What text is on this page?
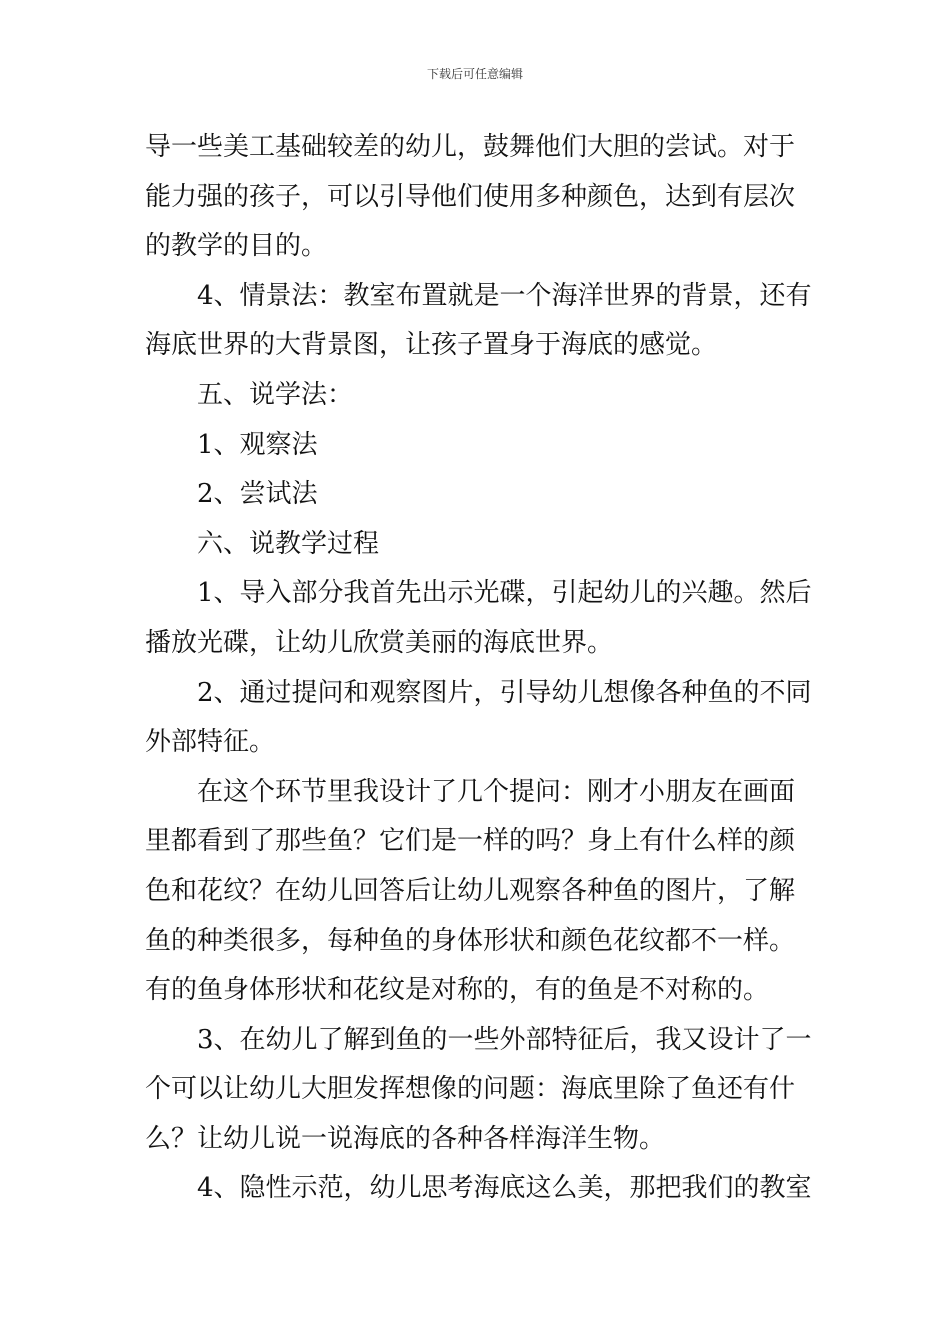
下载后可任意编辑
导一些美工基础较差的幼儿，鼓舞他们大胆的尝试。对于
能力强的孩子，可以引导他们使用多种颜色，达到有层次
的教学的目的。
4、情景法：教室布置就是一个海洋世界的背景，还有
海底世界的大背景图，让孩子置身于海底的感觉。
五、说学法：
1、观察法
2、尝试法
六、说教学过程
1、导入部分我首先出示光碟，引起幼儿的兴趣。然后
播放光碟，让幼儿欣赏美丽的海底世界。
2、通过提问和观察图片，引导幼儿想像各种鱼的不同
外部特征。
在这个环节里我设计了几个提问：刚才小朋友在画面
里都看到了那些鱼？它们是一样的吗？身上有什么样的颜
色和花纹？在幼儿回答后让幼儿观察各种鱼的图片，了解
鱼的种类很多，每种鱼的身体形状和颜色花纹都不一样。
有的鱼身体形状和花纹是对称的，有的鱼是不对称的。
3、在幼儿了解到鱼的一些外部特征后，我又设计了一
个可以让幼儿大胆发挥想像的问题：海底里除了鱼还有什
么？让幼儿说一说海底的各种各样海洋生物。
4、隐性示范，幼儿思考海底这么美，那把我们的教室
